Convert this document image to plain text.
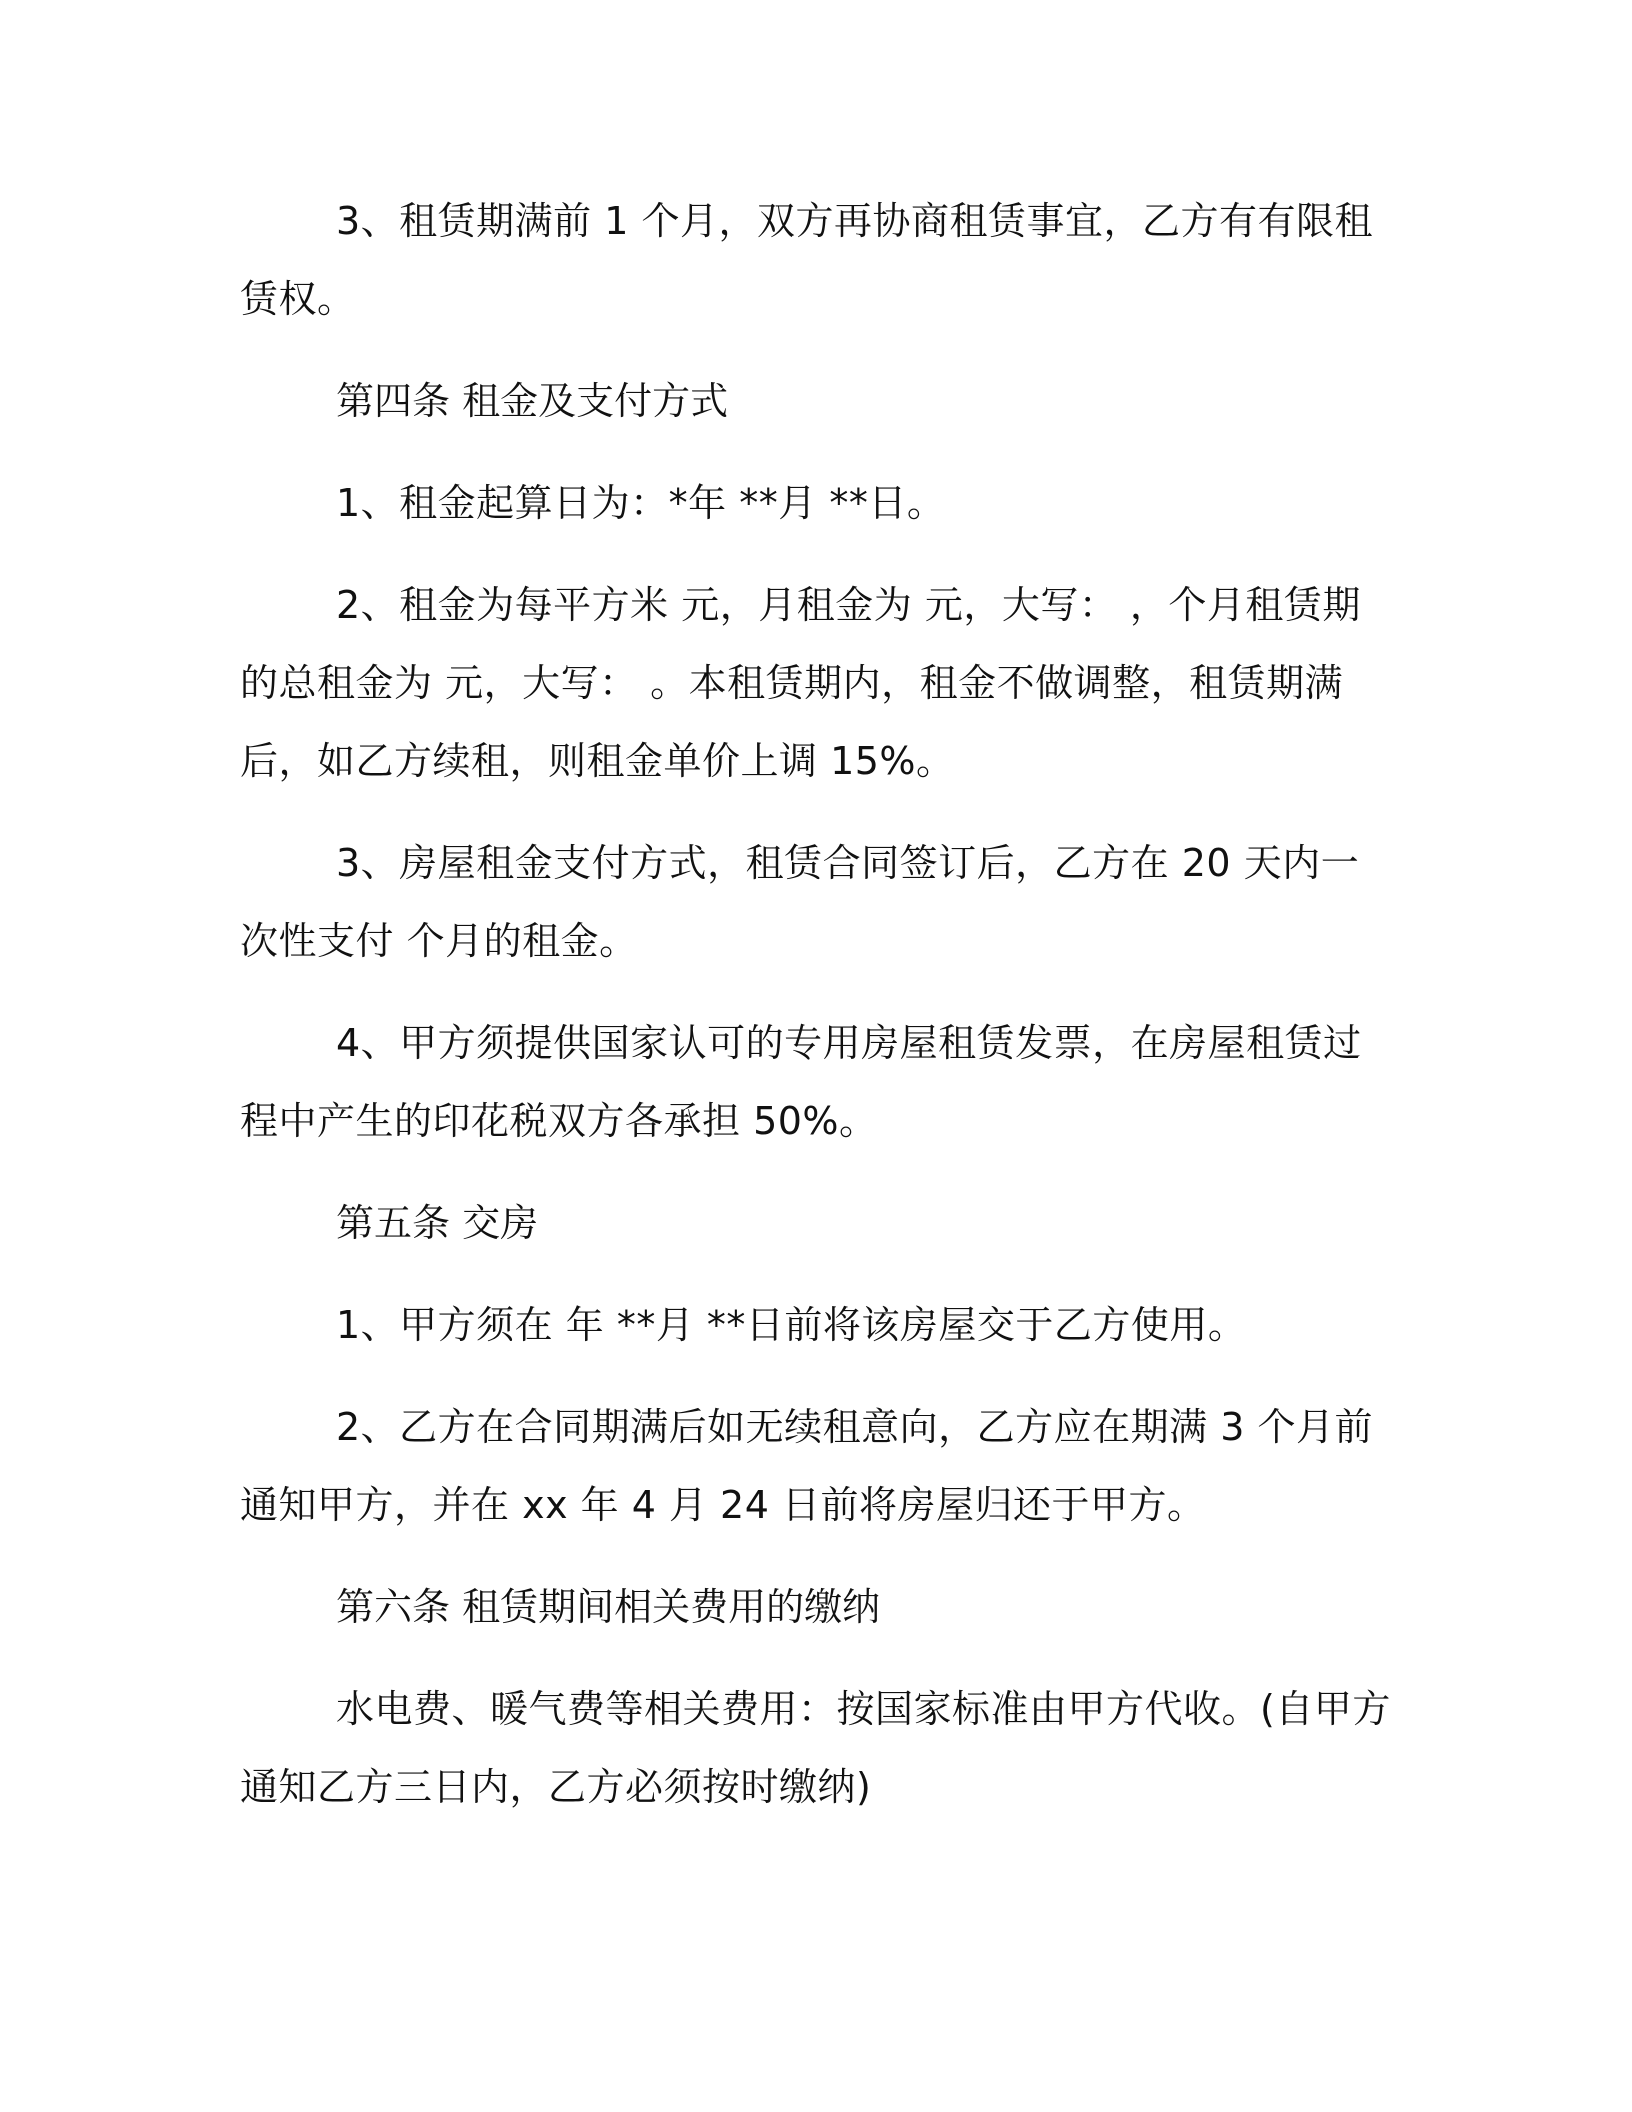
3、租赁期满前 1 个月，双方再协商租赁事宜，乙方有有限租赁权。

第四条 租金及支付方式

1、租金起算日为：*年 **月 **日。

2、租金为每平方米 元，月租金为 元，大写： ，个月租赁期的总租金为 元，大写： 。本租赁期内，租金不做调整，租赁期满后，如乙方续租，则租金单价上调 15%。

3、房屋租金支付方式，租赁合同签订后，乙方在 20 天内一次性支付 个月的租金。

4、甲方须提供国家认可的专用房屋租赁发票，在房屋租赁过程中产生的印花税双方各承担 50%。

第五条 交房

1、甲方须在 年 **月 **日前将该房屋交于乙方使用。

2、乙方在合同期满后如无续租意向，乙方应在期满 3 个月前通知甲方，并在 xx 年 4 月 24 日前将房屋归还于甲方。

第六条 租赁期间相关费用的缴纳

水电费、暖气费等相关费用：按国家标准由甲方代收。(自甲方通知乙方三日内，乙方必须按时缴纳)
